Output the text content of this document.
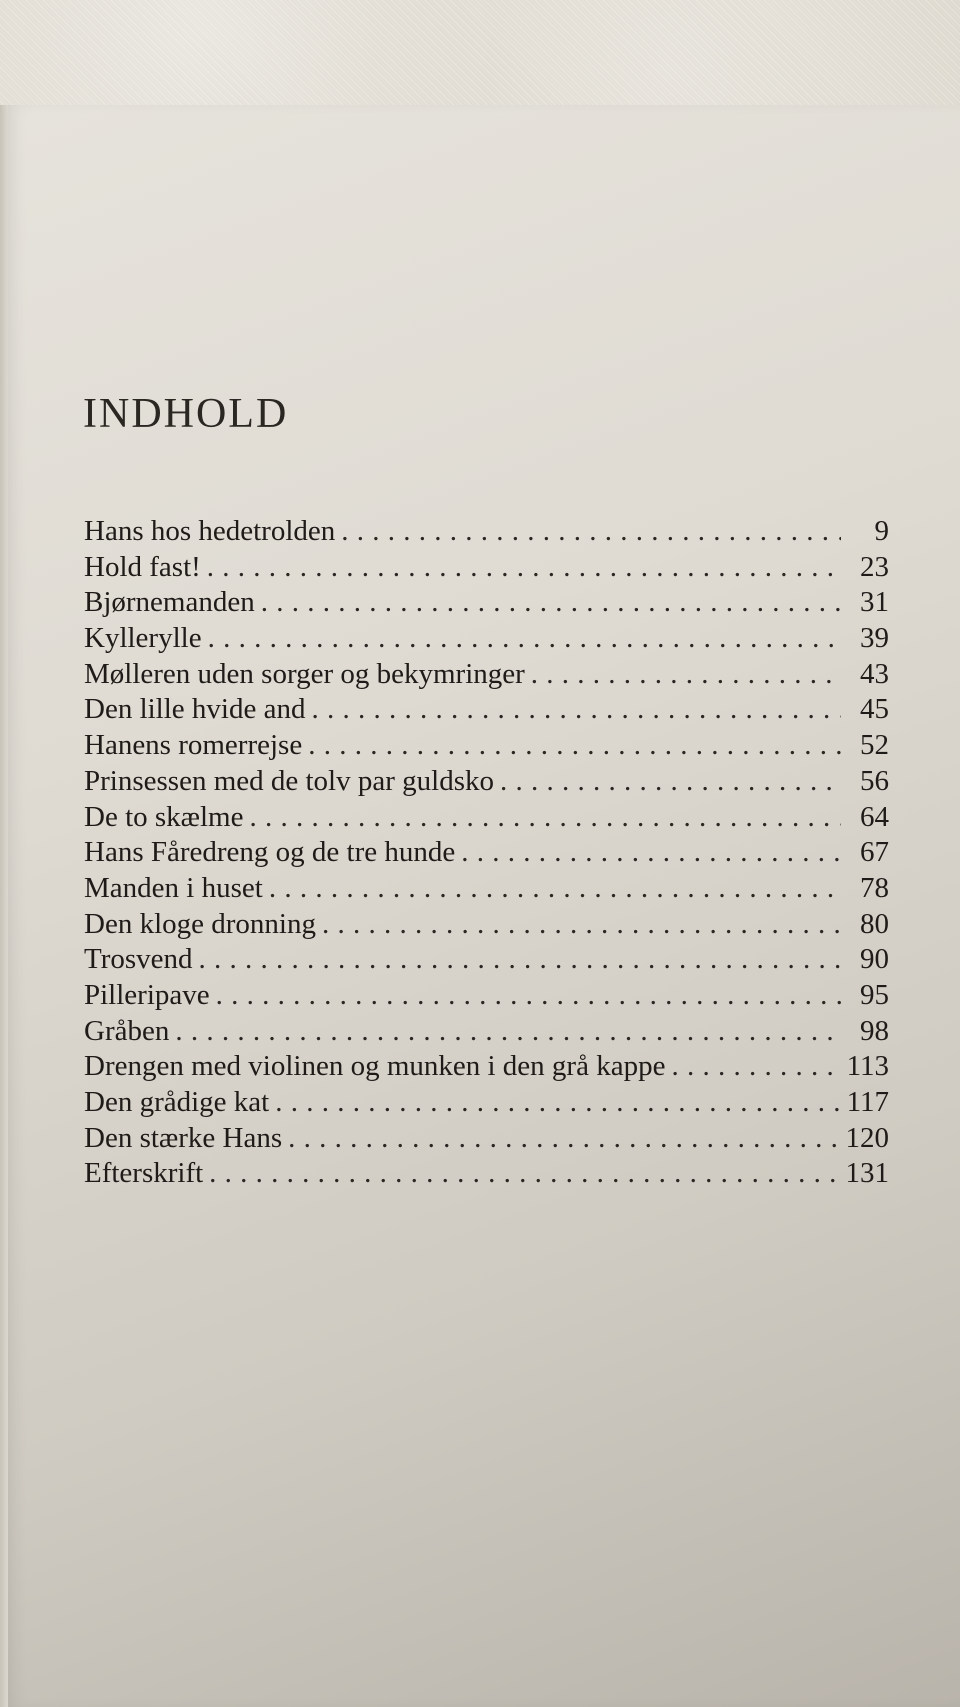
INDHOLD
Hans hos hedetrolden . . .	9
Hold fast! . . .	23
Bjørnemanden . . .	31
Kyllerylle . . .	39
Mølleren uden sorger og bekymringer . . .	43
Den lille hvide and . . .	45
Hanens romerrejse . . .	52
Prinsessen med de tolv par guldsko . . .	56
De to skælme . . .	64
Hans Fåredreng og de tre hunde . . .	67
Manden i huset . . .	78
Den kloge dronning . . .	80
Trosvend . . .	90
Pilleripave . . .	95
Gråben . . .	98
Drengen med violinen og munken i den grå kappe . . .	113
Den grådige kat . . .	117
Den stærke Hans . . .	120
Efterskrift . . .	131
